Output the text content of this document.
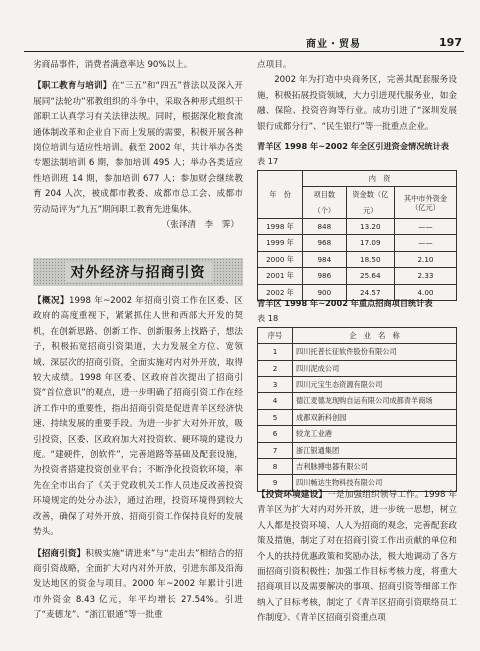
商业・贸易	197

劣商品事件，消费者满意率达 90%以上。

【职工教育与培训】在“三五”和“四五”普法以及深入开展同“法轮功”邪教组织的斗争中，采取各种形式组织干部职工认真学习有关法律法规。同时，根据深化粮食流通体制改革和企业自下而上发展的需要，积极开展各种岗位培训与适应性培训。截至 2002 年，共计举办各类专题法制培训 6 期，参加培训 495 人；举办各类适应性培训班 14 期，参加培训 677 人；参加财会继续教育 204 人次，被成都市教委、成都市总工会、成都市劳动局评为“九五”期间职工教育先进集体。

（张泽清　李　霁）

对外经济与招商引资

【概况】1998 年~2002 年招商引资工作在区委、区政府的高度重视下，紧紧抓住人世和西部大开发的契机，在创新思路、创新工作、创新服务上找路子，想法子，积极拓宽招商引资渠道，大力发展全方位、宽领域、深层次的招商引资，全面实施对内对外开放，取得较大成绩。1998 年区委、区政府首次提出了招商引资“首位意识”的观点，进一步明确了招商引资工作在经济工作中的重要性，指出招商引资是促进青羊区经济快速、持续发展的重要手段。为进一步扩大对外开放，吸引投资，区委、区政府加大对投资软、硬环境的建设力度。“建硬件，创软件”，完善道路等基础及配套设施，为投资者搭建投资创业平台；不断净化投资软环境，率先在全市出台了《关于党政机关工作人员违反改善投资环境规定的处分办法》，通过治理，投资环境得到较大改善，确保了对外开放、招商引资工作保持良好的发展势头。

【招商引资】积极实施“请进来”与“走出去”相结合的招商引资战略，全面扩大对内对外开放，引进东部及沿海发达地区的资金与项目。2000 年~2002 年累计引进市外资金 8.43 亿元，年平均增长 27.54%。引进了“麦德龙”、“浙江银通”等一批重

点项目。

2002 年为打造中央商务区，完善其配套服务设施，积极拓展投资领域，大力引进现代服务业，如金融、保险、投资咨询等行业。成功引进了“深圳发展银行成都分行”、“民生银行”等一批重点企业。

青羊区 1998 年~2002 年全区引进资金情况统计表
表 17
年　份	内　资		
	项目数（个）	资金数（亿元）	其中市外资金（亿元）
1998 年	848	13.20	——
1999 年	968	17.09	——
2000 年	984	18.50	2.10
2001 年	986	25.64	2.33
2002 年	900	24.57	4.00
青羊区 1998 年~2002 年重点招商项目统计表
表 18
序号	企　业　名　称
1	四川托普长征软件股份有限公司
2	四川泥成公司
3	四川元宝生态资源有限公司
4	德江麦德龙现购自运有限公司成都青羊商场
5	成都双新科创园
6	较龙工业港
7	浙江银通集团
8	吉利脉搏电器有限公司
9	四川畅达生物科技有限公司

【投资环境建设】一是加强组织领导工作。1998 年青羊区为扩大对内对外开放，进一步统一思想，树立人人都是投资环境、人人为招商的观念，完善配套政策及措施，制定了对在招商引资工作出贡献的单位和个人的扶持优惠政策和奖励办法，极大地调动了各方面招商引资积极性；加强工作目标考核力度，将重大招商项目以及需要解决的事项、招商引资等细部工作纳入了目标考核，制定了《青羊区招商引资联络员工作制度》、《青羊区招商引资重点项
